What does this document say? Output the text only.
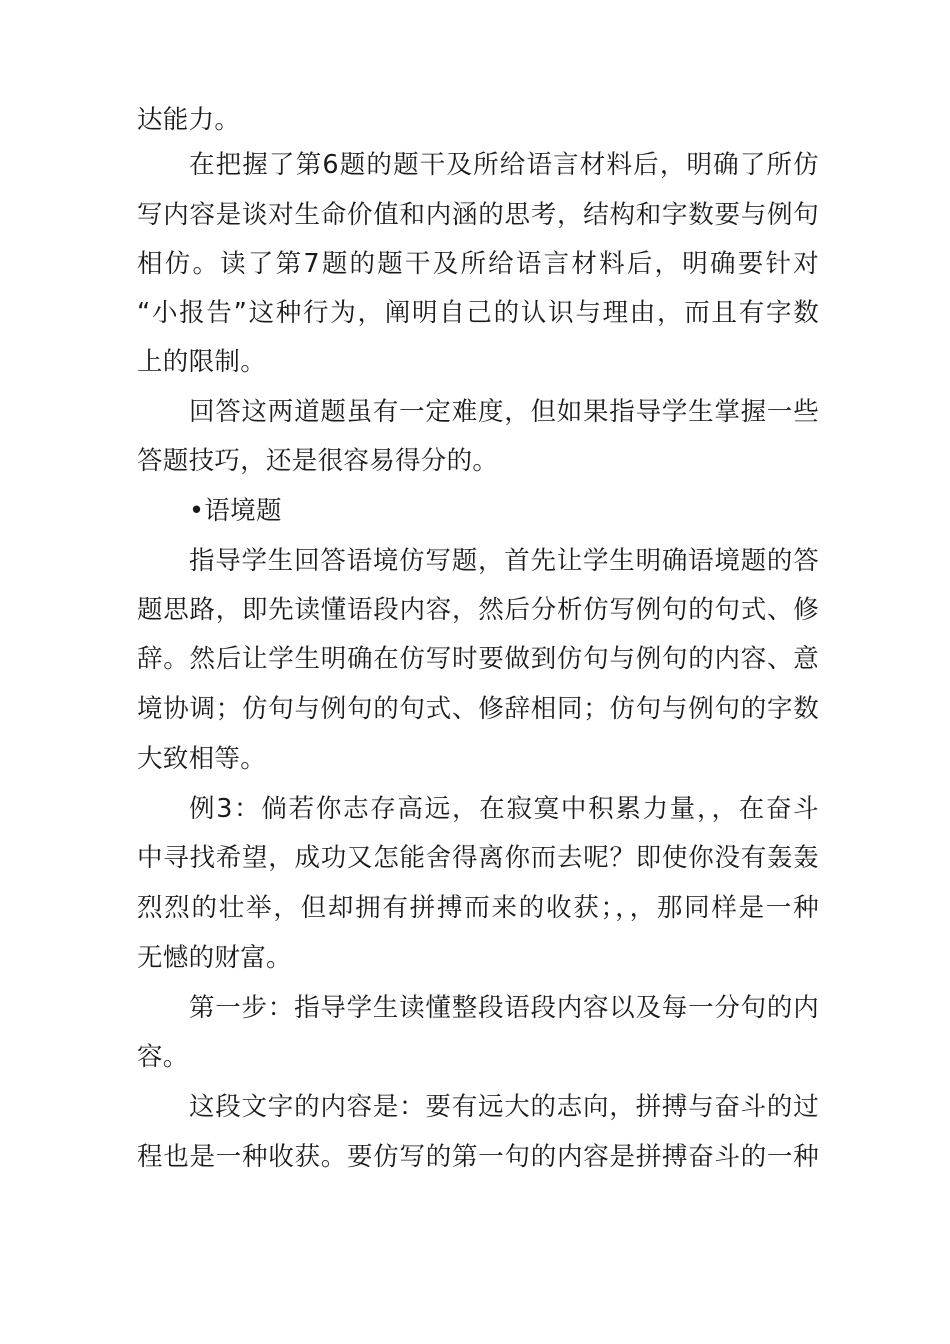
达能力。
在把握了第6题的题干及所给语言材料后，明确了所仿
写内容是谈对生命价值和内涵的思考，结构和字数要与例句
相仿。读了第7题的题干及所给语言材料后，明确要针对
“小报告”这种行为，阐明自己的认识与理由，而且有字数
上的限制。
回答这两道题虽有一定难度，但如果指导学生掌握一些
答题技巧，还是很容易得分的。
•语境题
指导学生回答语境仿写题，首先让学生明确语境题的答
题思路，即先读懂语段内容，然后分析仿写例句的句式、修
辞。然后让学生明确在仿写时要做到仿句与例句的内容、意
境协调；仿句与例句的句式、修辞相同；仿句与例句的字数
大致相等。
例3：倘若你志存高远，在寂寞中积累力量，，在奋斗
中寻找希望，成功又怎能舍得离你而去呢？即使你没有轰轰
烈烈的壮举，但却拥有拼搏而来的收获；，，那同样是一种
无憾的财富。
第一步：指导学生读懂整段语段内容以及每一分句的内
容。
这段文字的内容是：要有远大的志向，拼搏与奋斗的过
程也是一种收获。要仿写的第一句的内容是拼搏奋斗的一种
